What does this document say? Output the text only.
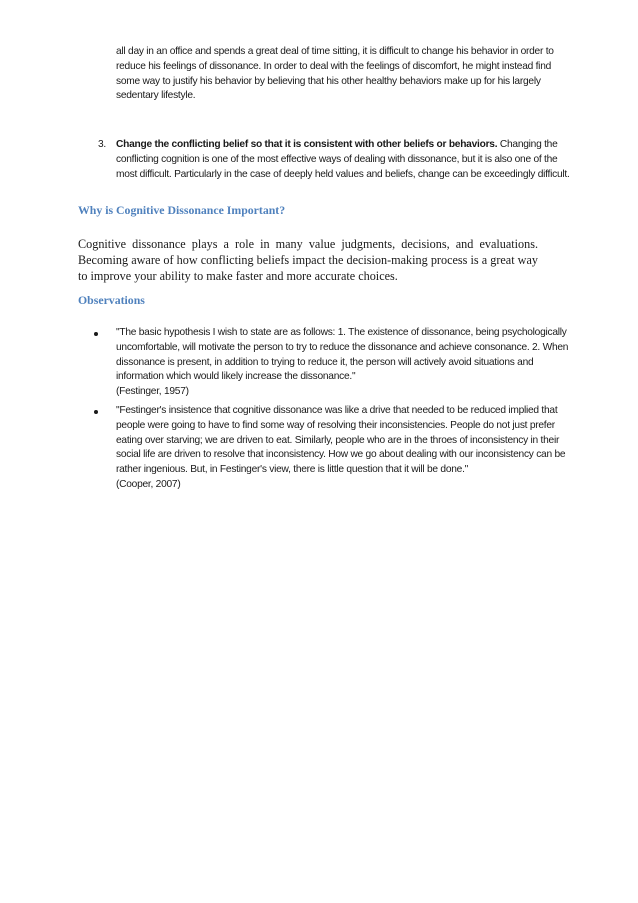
all day in an office and spends a great deal of time sitting, it is difficult to change his behavior in order to reduce his feelings of dissonance. In order to deal with the feelings of discomfort, he might instead find some way to justify his behavior by believing that his other healthy behaviors make up for his largely sedentary lifestyle.

3. Change the conflicting belief so that it is consistent with other beliefs or behaviors. Changing the conflicting cognition is one of the most effective ways of dealing with dissonance, but it is also one of the most difficult. Particularly in the case of deeply held values and beliefs, change can be exceedingly difficult.
Why is Cognitive Dissonance Important?

Cognitive dissonance plays a role in many value judgments, decisions, and evaluations. Becoming aware of how conflicting beliefs impact the decision-making process is a great way to improve your ability to make faster and more accurate choices.

Observations
"The basic hypothesis I wish to state are as follows: 1. The existence of dissonance, being psychologically uncomfortable, will motivate the person to try to reduce the dissonance and achieve consonance. 2. When dissonance is present, in addition to trying to reduce it, the person will actively avoid situations and information which would likely increase the dissonance."
(Festinger, 1957)
"Festinger's insistence that cognitive dissonance was like a drive that needed to be reduced implied that people were going to have to find some way of resolving their inconsistencies. People do not just prefer eating over starving; we are driven to eat. Similarly, people who are in the throes of inconsistency in their social life are driven to resolve that inconsistency. How we go about dealing with our inconsistency can be rather ingenious. But, in Festinger's view, there is little question that it will be done."
(Cooper, 2007)
